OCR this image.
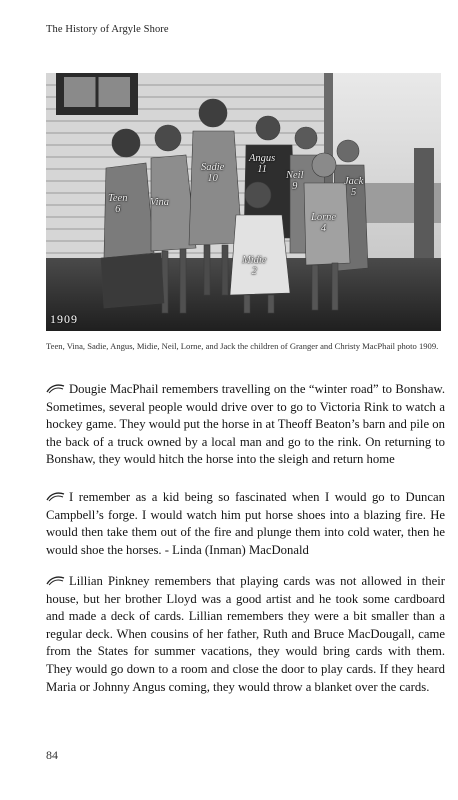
The History of Argyle Shore
Teen
6
Vina
Sadie
10
Angus
11
Neil
9	Jack
5
Lorne
4
Midie
2
1909
Teen, Vina, Sadie, Angus, Midie, Neil, Lorne, and Jack the children of Granger and Christy MacPhail photo 1909.
Dougie MacPhail remembers travelling on the “winter road” to Bonshaw. Sometimes, several people would drive over to go to Victoria Rink to watch a hockey game. They would put the horse in at Theoff Beaton’s barn and pile on the back of a truck owned by a local man and go to the rink. On returning to Bonshaw, they would hitch the horse into the sleigh and return home
I remember as a kid being so fascinated when I would go to Duncan Campbell’s forge. I would watch him put horse shoes into a blazing fire. He would then take them out of the fire and plunge them into cold water, then he would shoe the horses. - Linda (Inman) MacDonald
Lillian Pinkney remembers that playing cards was not allowed in their house, but her brother Lloyd was a good artist and he took some cardboard and made a deck of cards. Lillian remembers they were a bit smaller than a regular deck. When cousins of her father, Ruth and Bruce MacDougall, came from the States for summer vacations, they would bring cards with them. They would go down to a room and close the door to play cards. If they heard Maria or Johnny Angus coming, they would throw a blanket over the cards.
84
